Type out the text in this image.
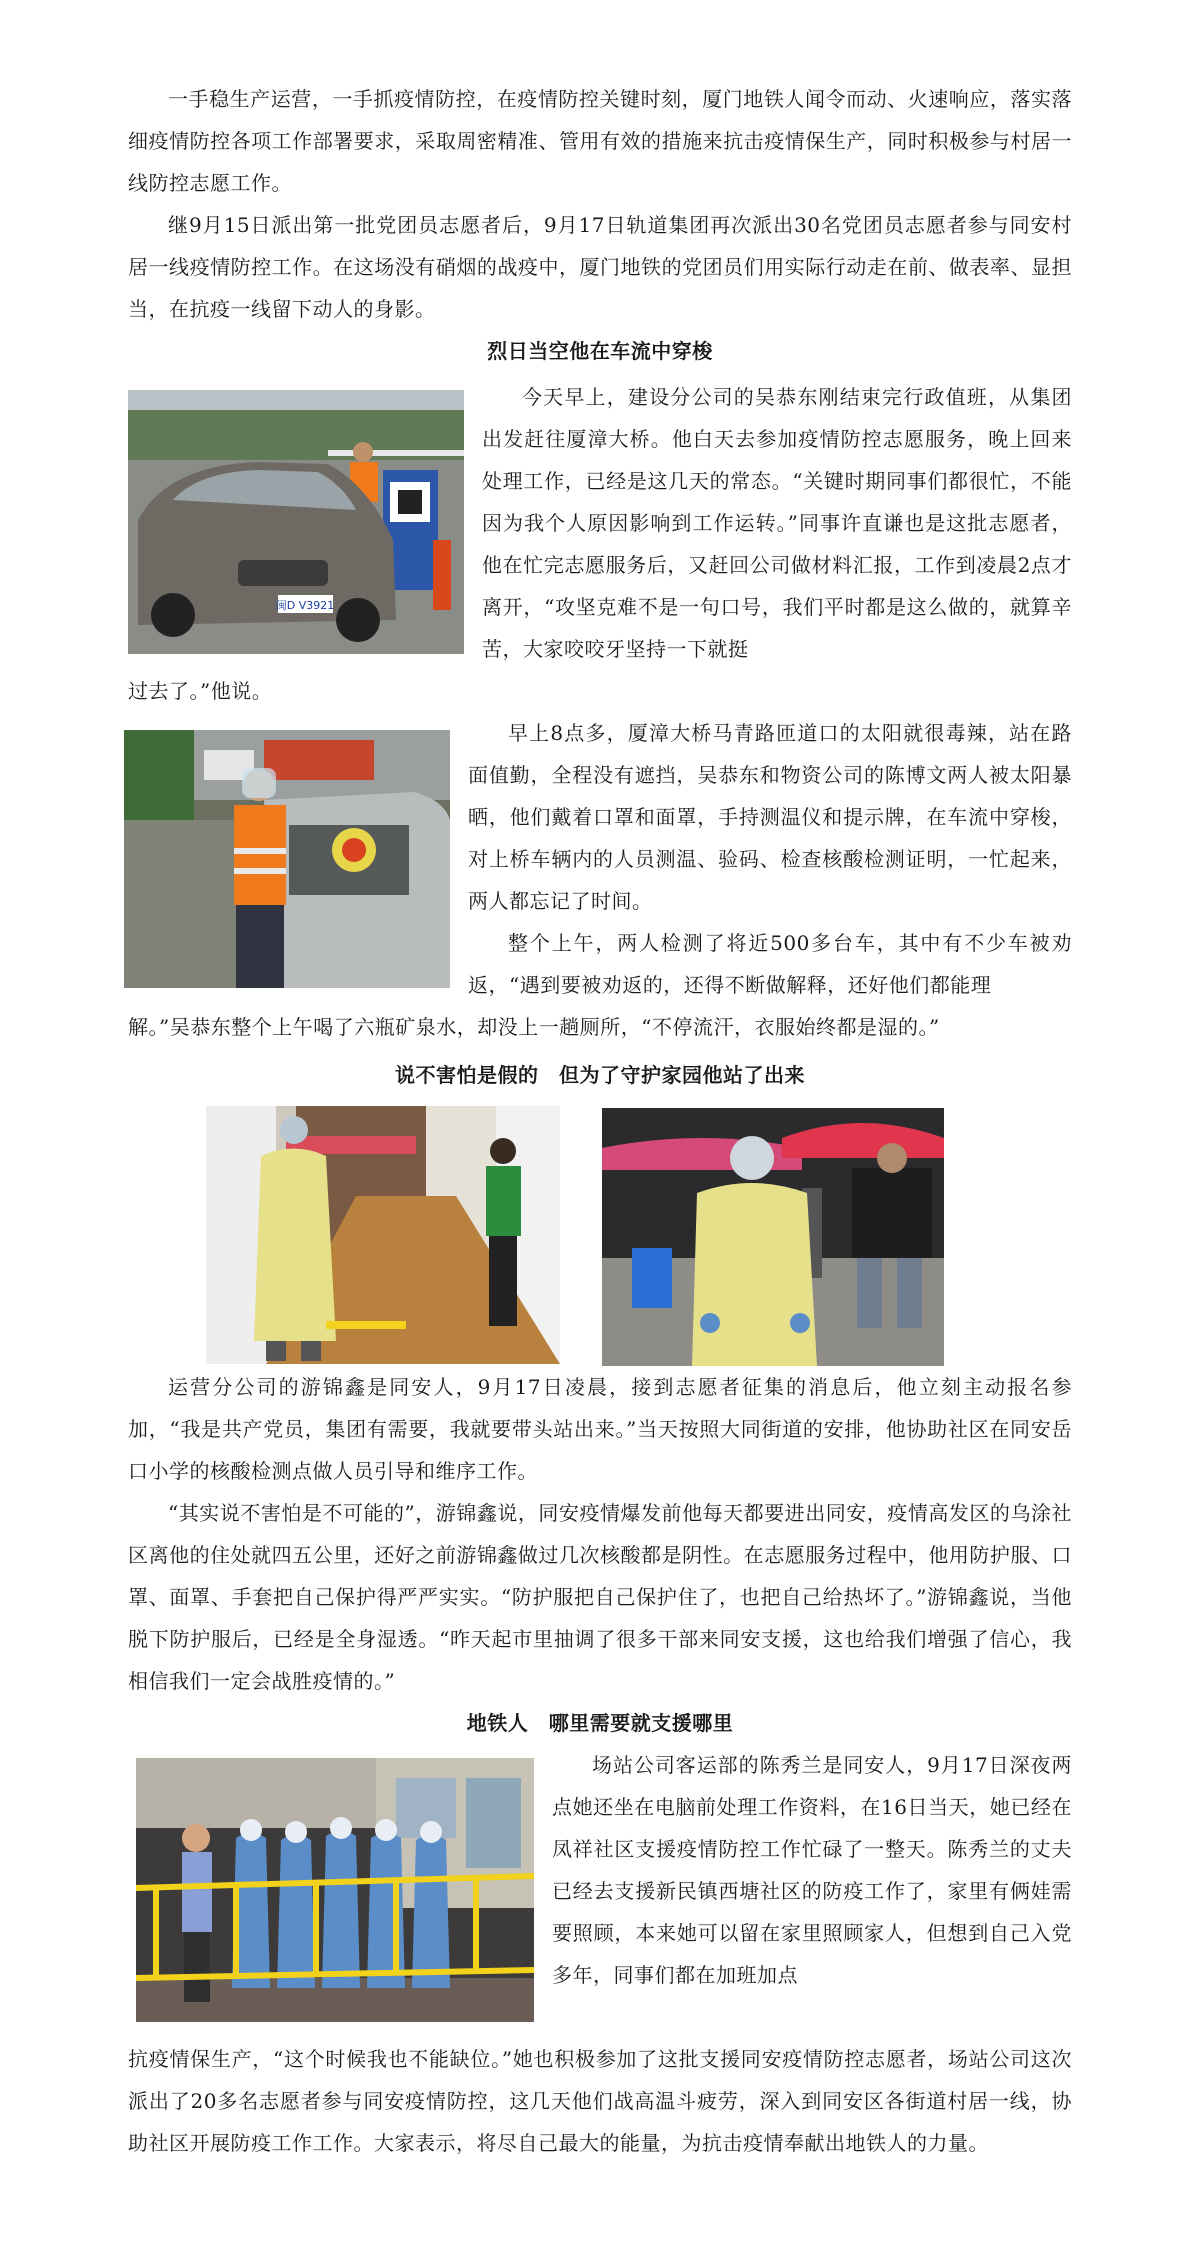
一手稳生产运营，一手抓疫情防控，在疫情防控关键时刻，厦门地铁人闻令而动、火速响应，落实落细疫情防控各项工作部署要求，采取周密精准、管用有效的措施来抗击疫情保生产，同时积极参与村居一线防控志愿工作。
继9月15日派出第一批党团员志愿者后，9月17日轨道集团再次派出30名党团员志愿者参与同安村居一线疫情防控工作。在这场没有硝烟的战疫中，厦门地铁的党团员们用实际行动走在前、做表率、显担当，在抗疫一线留下动人的身影。
烈日当空他在车流中穿梭
闽D V3921
今天早上，建设分公司的吴恭东刚结束完行政值班，从集团出发赶往厦漳大桥。他白天去参加疫情防控志愿服务，晚上回来处理工作，已经是这几天的常态。“关键时期同事们都很忙，不能因为我个人原因影响到工作运转。”同事许直谦也是这批志愿者，他在忙完志愿服务后，又赶回公司做材料汇报，工作到凌晨2点才离开，“攻坚克难不是一句口号，我们平时都是这么做的，就算辛苦，大家咬咬牙坚持一下就挺
过去了。”他说。
早上8点多，厦漳大桥马青路匝道口的太阳就很毒辣，站在路面值勤，全程没有遮挡，吴恭东和物资公司的陈博文两人被太阳暴晒，他们戴着口罩和面罩，手持测温仪和提示牌，在车流中穿梭，对上桥车辆内的人员测温、验码、检查核酸检测证明，一忙起来，两人都忘记了时间。
整个上午，两人检测了将近500多台车，其中有不少车被劝返，“遇到要被劝返的，还得不断做解释，还好他们都能理
解。”吴恭东整个上午喝了六瓶矿泉水，却没上一趟厕所，“不停流汗，衣服始终都是湿的。”
说不害怕是假的　但为了守护家园他站了出来
运营分公司的游锦鑫是同安人，9月17日凌晨，接到志愿者征集的消息后，他立刻主动报名参加，“我是共产党员，集团有需要，我就要带头站出来。”当天按照大同街道的安排，他协助社区在同安岳口小学的核酸检测点做人员引导和维序工作。
“其实说不害怕是不可能的”，游锦鑫说，同安疫情爆发前他每天都要进出同安，疫情高发区的乌涂社区离他的住处就四五公里，还好之前游锦鑫做过几次核酸都是阴性。在志愿服务过程中，他用防护服、口罩、面罩、手套把自己保护得严严实实。“防护服把自己保护住了，也把自己给热坏了。”游锦鑫说，当他脱下防护服后，已经是全身湿透。“昨天起市里抽调了很多干部来同安支援，这也给我们增强了信心，我相信我们一定会战胜疫情的。”
地铁人　哪里需要就支援哪里
场站公司客运部的陈秀兰是同安人，9月17日深夜两点她还坐在电脑前处理工作资料，在16日当天，她已经在凤祥社区支援疫情防控工作忙碌了一整天。陈秀兰的丈夫已经去支援新民镇西塘社区的防疫工作了，家里有俩娃需要照顾，本来她可以留在家里照顾家人，但想到自己入党多年，同事们都在加班加点
抗疫情保生产，“这个时候我也不能缺位。”她也积极参加了这批支援同安疫情防控志愿者，场站公司这次派出了20多名志愿者参与同安疫情防控，这几天他们战高温斗疲劳，深入到同安区各街道村居一线，协助社区开展防疫工作工作。大家表示，将尽自己最大的能量，为抗击疫情奉献出地铁人的力量。
